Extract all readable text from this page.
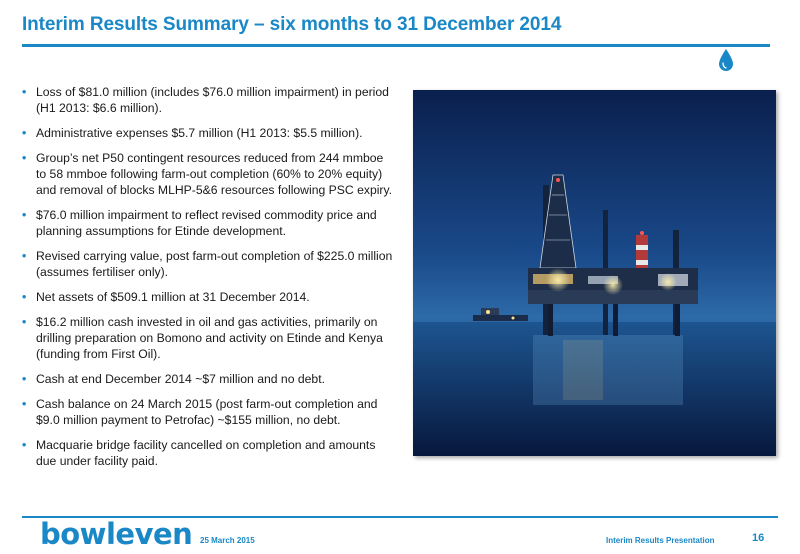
Interim Results Summary – six months to 31 December 2014
• Loss of $81.0 million (includes $76.0 million impairment) in period (H1 2013: $6.6 million).
• Administrative expenses $5.7 million (H1 2013: $5.5 million).
• Group’s net P50 contingent resources reduced from 244 mmboe to 58 mmboe following farm-out completion (60% to 20% equity) and removal of blocks MLHP-5&6 resources following PSC expiry.
• $76.0 million impairment to reflect revised commodity price and planning assumptions for Etinde development.
• Revised carrying value, post farm-out completion of $225.0 million (assumes fertiliser only).
• Net assets of $509.1 million at 31 December 2014.
• $16.2 million cash invested in oil and gas activities, primarily on drilling preparation on Bomono and activity on Etinde and Kenya (funding from First Oil).
• Cash at end December 2014 ~$7 million and no debt.
• Cash balance on 24 March 2015 (post farm-out completion and $9.0 million payment to Petrofac) ~$155 million, no debt.
• Macquarie bridge facility cancelled on completion and amounts due under facility paid.
bowleven 25 March 2015	Interim Results Presentation	16
